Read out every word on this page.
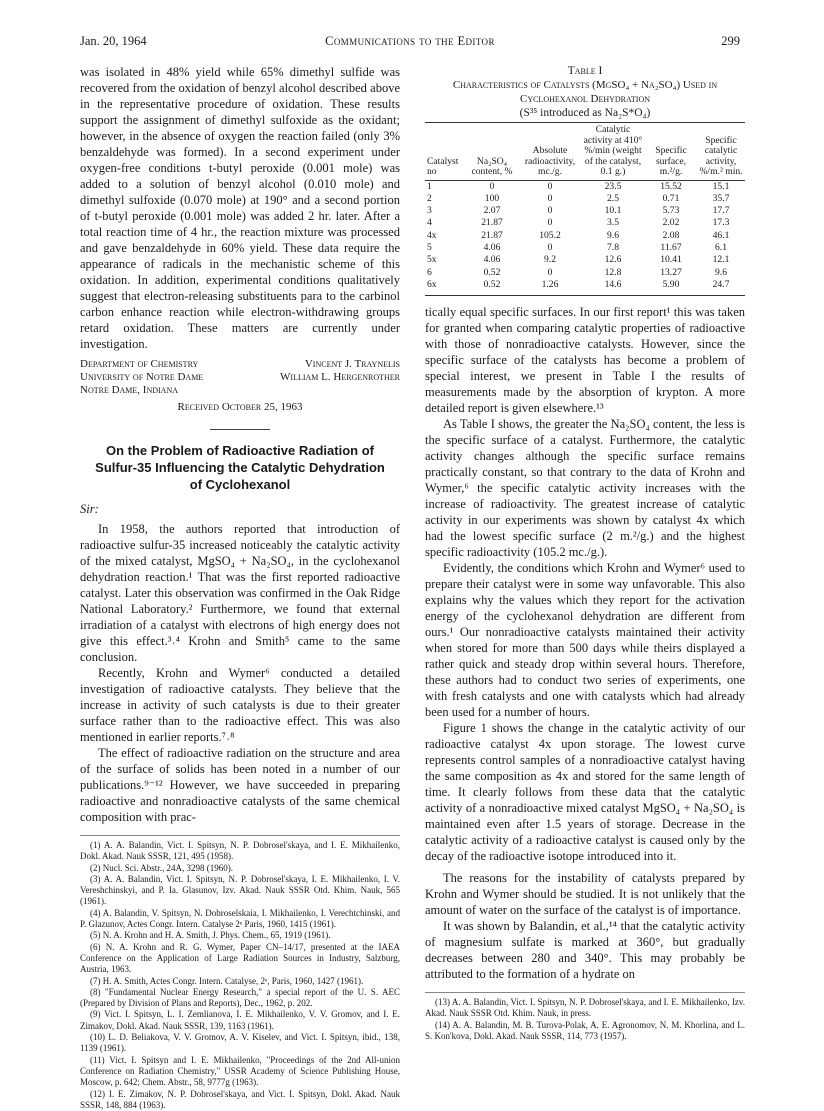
Jan. 20, 1964	Communications to the Editor	299

was isolated in 48% yield while 65% dimethyl sulfide was recovered from the oxidation of benzyl alcohol described above in the representative procedure of oxidation. These results support the assignment of dimethyl sulfoxide as the oxidant; however, in the absence of oxygen the reaction failed (only 3% benzaldehyde was formed). In a second experiment under oxygen-free conditions t-butyl peroxide (0.001 mole) was added to a solution of benzyl alcohol (0.010 mole) and dimethyl sulfoxide (0.070 mole) at 190° and a second portion of t-butyl peroxide (0.001 mole) was added 2 hr. later. After a total reaction time of 4 hr., the reaction mixture was processed and gave benzaldehyde in 60% yield. These data require the appearance of radicals in the mechanistic scheme of this oxidation. In addition, experimental conditions qualitatively suggest that electron-releasing substituents para to the carbinol carbon enhance reaction while electron-withdrawing groups retard oxidation. These matters are currently under investigation.

Department of Chemistry
University of Notre Dame
Notre Dame, Indiana
Vincent J. Traynelis
William L. Hergenrother
Received October 25, 1963
On the Problem of Radioactive Radiation of Sulfur-35 Influencing the Catalytic Dehydration of Cyclohexanol

Sir:

In 1958, the authors reported that introduction of radioactive sulfur-35 increased noticeably the catalytic activity of the mixed catalyst, MgSO₄ + Na₂SO₄, in the cyclohexanol dehydration reaction.¹ That was the first reported radioactive catalyst. Later this observation was confirmed in the Oak Ridge National Laboratory.² Furthermore, we found that external irradiation of a catalyst with electrons of high energy does not give this effect.³˒⁴ Krohn and Smith⁵ came to the same conclusion.

Recently, Krohn and Wymer⁶ conducted a detailed investigation of radioactive catalysts. They believe that the increase in activity of such catalysts is due to their greater surface rather than to the radioactive effect. This was also mentioned in earlier reports.⁷˒⁸

The effect of radioactive radiation on the structure and area of the surface of solids has been noted in a number of our publications.⁹⁻¹² However, we have succeeded in preparing radioactive and nonradioactive catalysts of the same chemical composition with prac-

(1) A. A. Balandin, Vict. I. Spitsyn, N. P. Dobrosel'skaya, and I. E. Mikhailenko, Dokl. Akad. Nauk SSSR, 121, 495 (1958).

(2) Nucl. Sci. Abstr., 24A, 3298 (1960).

(3) A. A. Balandin, Vict. I. Spitsyn, N. P. Dobrosel'skaya, I. E. Mikhailenko, I. V. Vereshchinskyi, and P. Ia. Glasunov, Izv. Akad. Nauk SSSR Otd. Khim. Nauk, 565 (1961).

(4) A. Balandin, V. Spitsyn, N. Dobroselskaia, I. Mikhailenko, I. Verechtchinski, and P. Glazunov, Actes Congr. Intern. Catalyse 2ᵉ Paris, 1960, 1415 (1961).

(5) N. A. Krohn and H. A. Smith, J. Phys. Chem., 65, 1919 (1961).

(6) N. A. Krohn and R. G. Wymer, Paper CN–14/17, presented at the IAEA Conference on the Application of Large Radiation Sources in Industry, Salzburg, Austria, 1963.

(7) H. A. Smith, Actes Congr. Intern. Catalyse, 2ᵉ, Paris, 1960, 1427 (1961).

(8) "Fundamental Nuclear Energy Research," a special report of the U. S. AEC (Prepared by Division of Plans and Reports), Dec., 1962, p. 202.

(9) Vict. I. Spitsyn, L. I. Zemlianova, I. E. Mikhailenko, V. V. Gromov, and I. E. Zimakov, Dokl. Akad. Nauk SSSR, 139, 1163 (1961).

(10) L. D. Beliakova, V. V. Gromov, A. V. Kiselev, and Vict. I. Spitsyn, ibid., 138, 1139 (1961).

(11) Vict. I. Spitsyn and I. E. Mikhailenko, "Proceedings of the 2nd All-union Conference on Radiation Chemistry," USSR Academy of Science Publishing House, Moscow, p. 642; Chem. Abstr., 58, 9777g (1963).

(12) I. E. Zimakov, N. P. Dobrosel'skaya, and Vict. I. Spitsyn, Dokl. Akad. Nauk SSSR, 148, 884 (1963).

Table I
Characteristics of Catalysts (MgSO₄ + Na₂SO₄) Used in
Cyclohexanol Dehydration
(S³⁵ introduced as Na₂S*O₄)
Catalyst no	Na₂SO₄ content, %	Absolute radioactivity, mc./g.	Catalytic activity at 410° %/min (weight of the catalyst, 0.1 g.)	Specific surface, m.²/g.	Specific catalytic activity, %/m.² min.
1	0	0	23.5	15.52	15.1
2	100	0	2.5	0.71	35.7
3	2.07	0	10.1	5.73	17.7
4	21.87	0	3.5	2.02	17.3
4x	21.87	105.2	9.6	2.08	46.1
5	4.06	0	7.8	11.67	6.1
5x	4.06	9.2	12.6	10.41	12.1
6	0.52	0	12.8	13.27	9.6
6x	0.52	1.26	14.6	5.90	24.7

tically equal specific surfaces. In our first report¹ this was taken for granted when comparing catalytic properties of radioactive with those of nonradioactive catalysts. However, since the specific surface of the catalysts has become a problem of special interest, we present in Table I the results of measurements made by the absorption of krypton. A more detailed report is given elsewhere.¹³

As Table I shows, the greater the Na₂SO₄ content, the less is the specific surface of a catalyst. Furthermore, the catalytic activity changes although the specific surface remains practically constant, so that contrary to the data of Krohn and Wymer,⁶ the specific catalytic activity increases with the increase of radioactivity. The greatest increase of catalytic activity in our experiments was shown by catalyst 4x which had the lowest specific surface (2 m.²/g.) and the highest specific radioactivity (105.2 mc./g.).

Evidently, the conditions which Krohn and Wymer⁶ used to prepare their catalyst were in some way unfavorable. This also explains why the values which they report for the activation energy of the cyclohexanol dehydration are different from ours.¹ Our nonradioactive catalysts maintained their activity when stored for more than 500 days while theirs displayed a rather quick and steady drop within several hours. Therefore, these authors had to conduct two series of experiments, one with fresh catalysts and one with catalysts which had already been used for a number of hours.

Figure 1 shows the change in the catalytic activity of our radioactive catalyst 4x upon storage. The lowest curve represents control samples of a nonradioactive catalyst having the same composition as 4x and stored for the same length of time. It clearly follows from these data that the catalytic activity of a nonradioactive mixed catalyst MgSO₄ + Na₂SO₄ is maintained even after 1.5 years of storage. Decrease in the catalytic activity of a radioactive catalyst is caused only by the decay of the radioactive isotope introduced into it.

The reasons for the instability of catalysts prepared by Krohn and Wymer should be studied. It is not unlikely that the amount of water on the surface of the catalyst is of importance.

It was shown by Balandin, et al.,¹⁴ that the catalytic activity of magnesium sulfate is marked at 360°, but gradually decreases between 280 and 340°. This may probably be attributed to the formation of a hydrate on

(13) A. A. Balandin, Vict. I. Spitsyn, N. P. Dobrosel'skaya, and I. E. Mikhailenko, Izv. Akad. Nauk SSSR Otd. Khim. Nauk, in press.

(14) A. A. Balandin, M. B. Turova-Polak, A. E. Agronomov, N. M. Khorlina, and L. S. Kon'kova, Dokl. Akad. Nauk SSSR, 114, 773 (1957).
